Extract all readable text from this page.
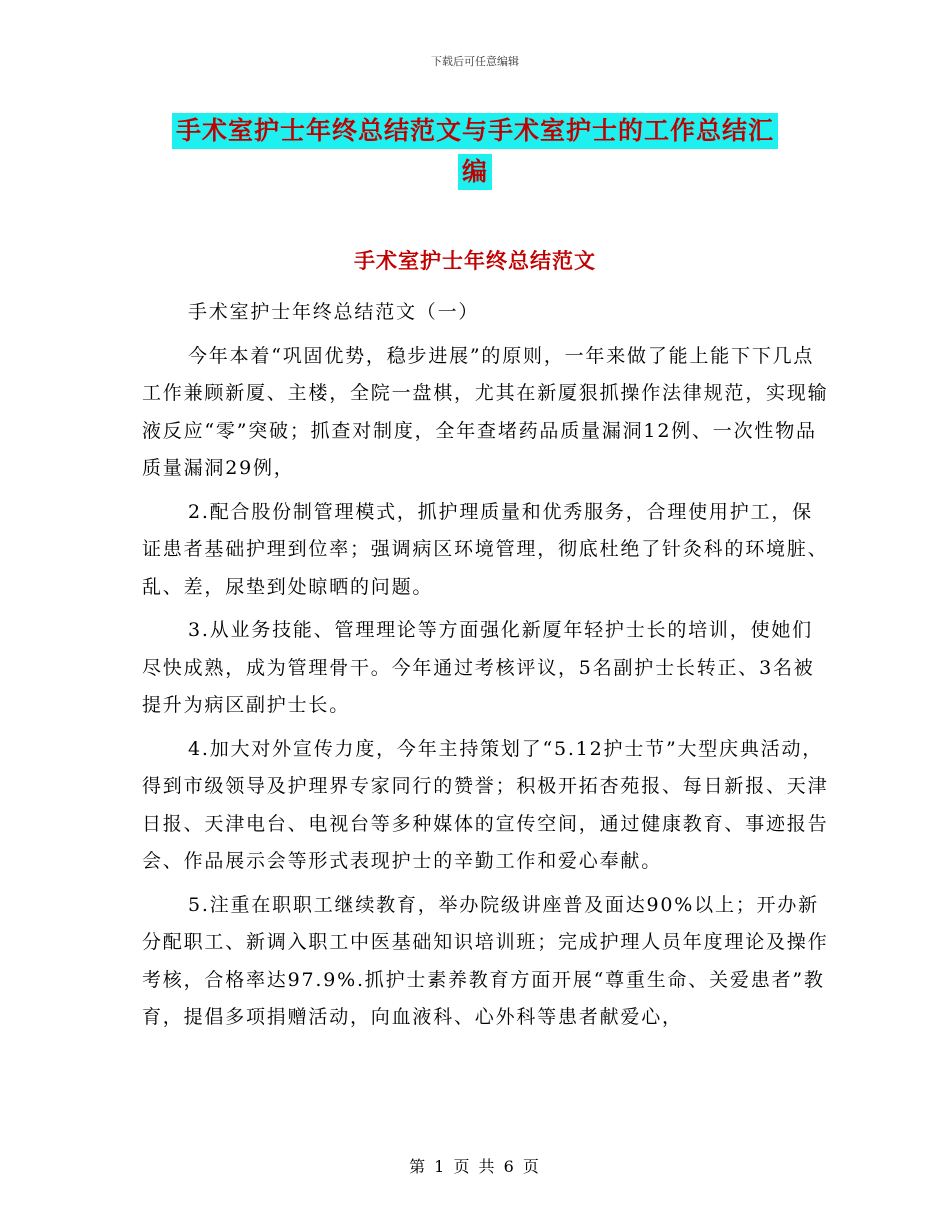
下载后可任意编辑
手术室护士年终总结范文与手术室护士的工作总结汇
编
手术室护士年终总结范文

手术室护士年终总结范文（一）

今年本着“巩固优势，稳步进展”的原则，一年来做了能上能下下几点工作兼顾新厦、主楼，全院一盘棋，尤其在新厦狠抓操作法律规范，实现输液反应“零”突破；抓查对制度，全年查堵药品质量漏洞12例、一次性物品质量漏洞29例，

2.配合股份制管理模式，抓护理质量和优秀服务，合理使用护工，保证患者基础护理到位率；强调病区环境管理，彻底杜绝了针灸科的环境脏、乱、差，尿垫到处晾晒的问题。

3.从业务技能、管理理论等方面强化新厦年轻护士长的培训，使她们尽快成熟，成为管理骨干。今年通过考核评议，5名副护士长转正、3名被提升为病区副护士长。

4.加大对外宣传力度，今年主持策划了“5.12护士节”大型庆典活动，得到市级领导及护理界专家同行的赞誉；积极开拓杏苑报、每日新报、天津日报、天津电台、电视台等多种媒体的宣传空间，通过健康教育、事迹报告会、作品展示会等形式表现护士的辛勤工作和爱心奉献。

5.注重在职职工继续教育，举办院级讲座普及面达90%以上；开办新分配职工、新调入职工中医基础知识培训班；完成护理人员年度理论及操作考核，合格率达97.9%.抓护士素养教育方面开展“尊重生命、关爱患者”教育，提倡多项捐赠活动，向血液科、心外科等患者献爱心，

第 1 页 共 6 页
